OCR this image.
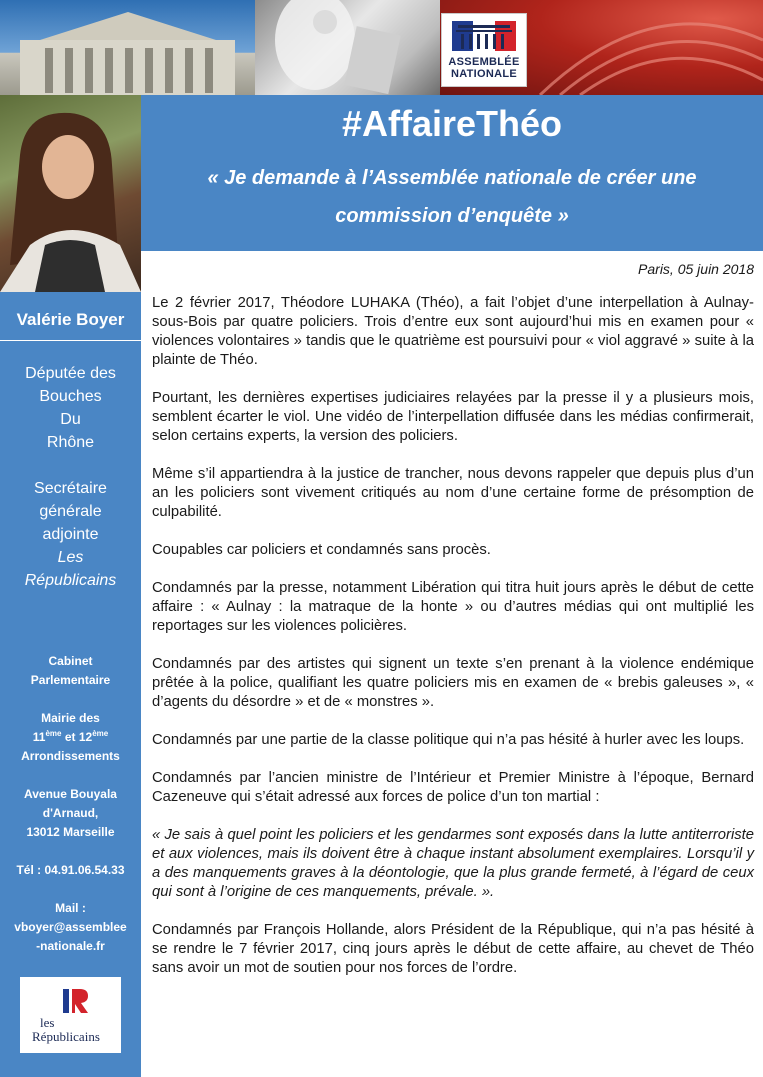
ASSEMBLÉE
NATIONALE
Valérie Boyer
Députée des
Bouches
Du
Rhône
Secrétaire
générale
adjointe
Les Républicains
Cabinet
Parlementaire
Mairie des
11ème et 12ème
Arrondissements
Avenue Bouyala
d'Arnaud,
13012 Marseille
Tél : 04.91.06.54.33
Mail :
vboyer@assemblee
-nationale.fr
les
Républicains
#AffaireThéo
« Je demande à l’Assemblée nationale de créer une commission d’enquête »
Paris, 05 juin 2018

Le 2 février 2017, Théodore LUHAKA (Théo), a fait l’objet d’une interpellation à Aulnay-sous-Bois par quatre policiers. Trois d’entre eux sont aujourd’hui mis en examen pour « violences volontaires » tandis que le quatrième est poursuivi pour « viol aggravé » suite à la plainte de Théo.

Pourtant, les dernières expertises judiciaires relayées par la presse il y a plusieurs mois, semblent écarter le viol. Une vidéo de l’interpellation diffusée dans les médias confirmerait, selon certains experts, la version des policiers.

Même s’il appartiendra à la justice de trancher, nous devons rappeler que depuis plus d’un an les policiers sont vivement critiqués au nom d’une certaine forme de présomption de culpabilité.

Coupables car policiers et condamnés sans procès.

Condamnés par la presse, notamment Libération qui titra huit jours après le début de cette affaire : « Aulnay : la matraque de la honte » ou d’autres médias qui ont multiplié les reportages sur les violences policières.

Condamnés par des artistes qui signent un texte s’en prenant à la violence endémique prêtée à la police, qualifiant les quatre policiers mis en examen de « brebis galeuses », « d’agents du désordre » et de « monstres ».

Condamnés par une partie de la classe politique qui n’a pas hésité à hurler avec les loups.

Condamnés par l’ancien ministre de l’Intérieur et Premier Ministre à l’époque, Bernard Cazeneuve qui s’était adressé aux forces de police d’un ton martial :

« Je sais à quel point les policiers et les gendarmes sont exposés dans la lutte antiterroriste et aux violences, mais ils doivent être à chaque instant absolument exemplaires. Lorsqu’il y a des manquements graves à la déontologie, que la plus grande fermeté, à l’égard de ceux qui sont à l’origine de ces manquements, prévale. ».

Condamnés par François Hollande, alors Président de la République, qui n’a pas hésité à se rendre le 7 février 2017, cinq jours après le début de cette affaire, au chevet de Théo sans avoir un mot de soutien pour nos forces de l’ordre.
